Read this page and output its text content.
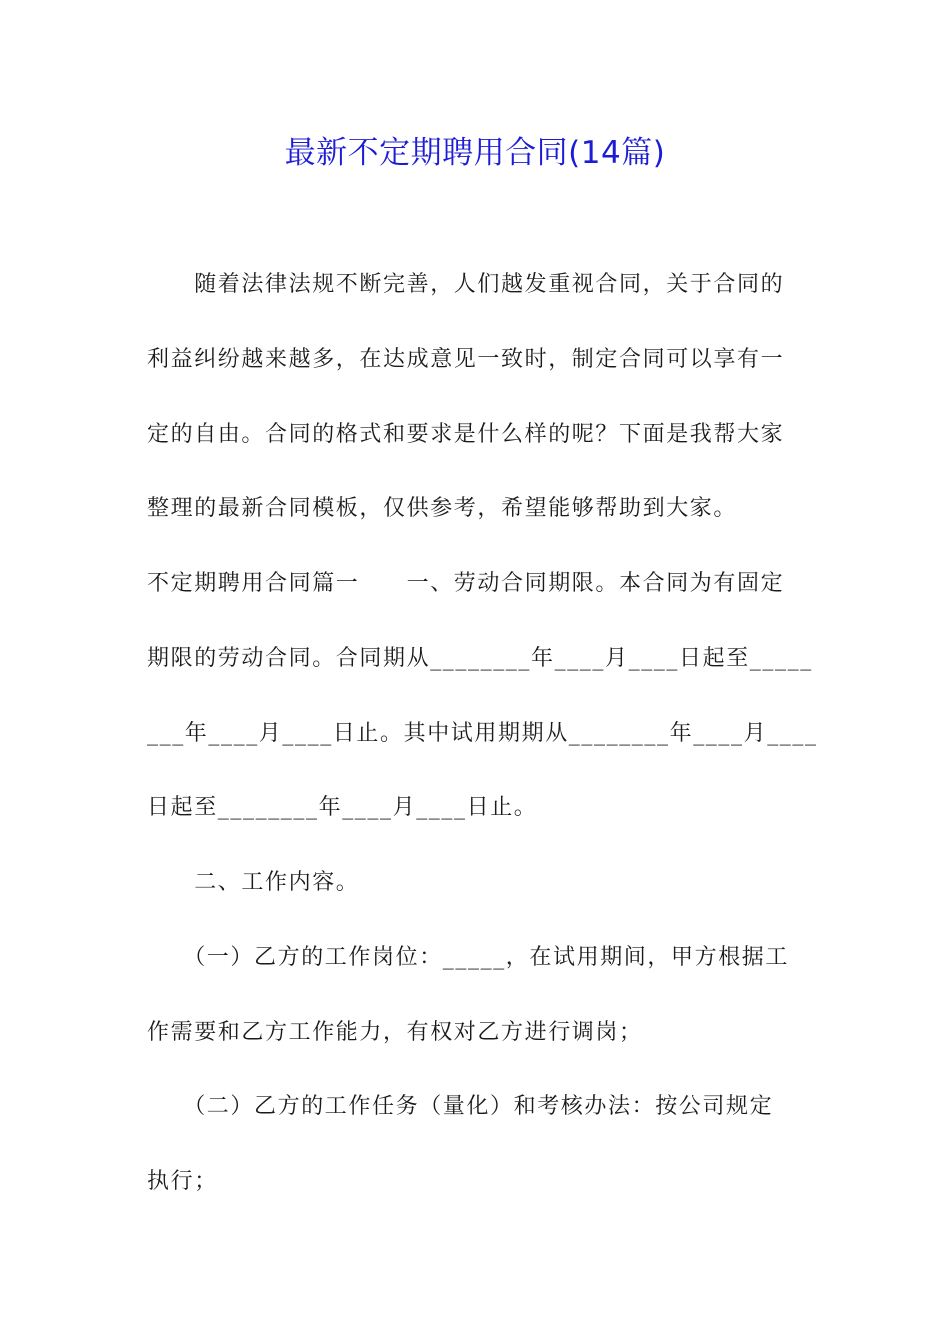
最新不定期聘用合同(14篇)
　　随着法律法规不断完善，人们越发重视合同，关于合同的
利益纠纷越来越多，在达成意见一致时，制定合同可以享有一
定的自由。合同的格式和要求是什么样的呢？下面是我帮大家
整理的最新合同模板，仅供参考，希望能够帮助到大家。
不定期聘用合同篇一　　一、劳动合同期限。本合同为有固定
期限的劳动合同。合同期从________年____月____日起至_____
___年____月____日止。其中试用期期从________年____月____
日起至________年____月____日止。
　　二、工作内容。
　　（一）乙方的工作岗位：_____，在试用期间，甲方根据工
作需要和乙方工作能力，有权对乙方进行调岗；
　　（二）乙方的工作任务（量化）和考核办法：按公司规定
执行；
